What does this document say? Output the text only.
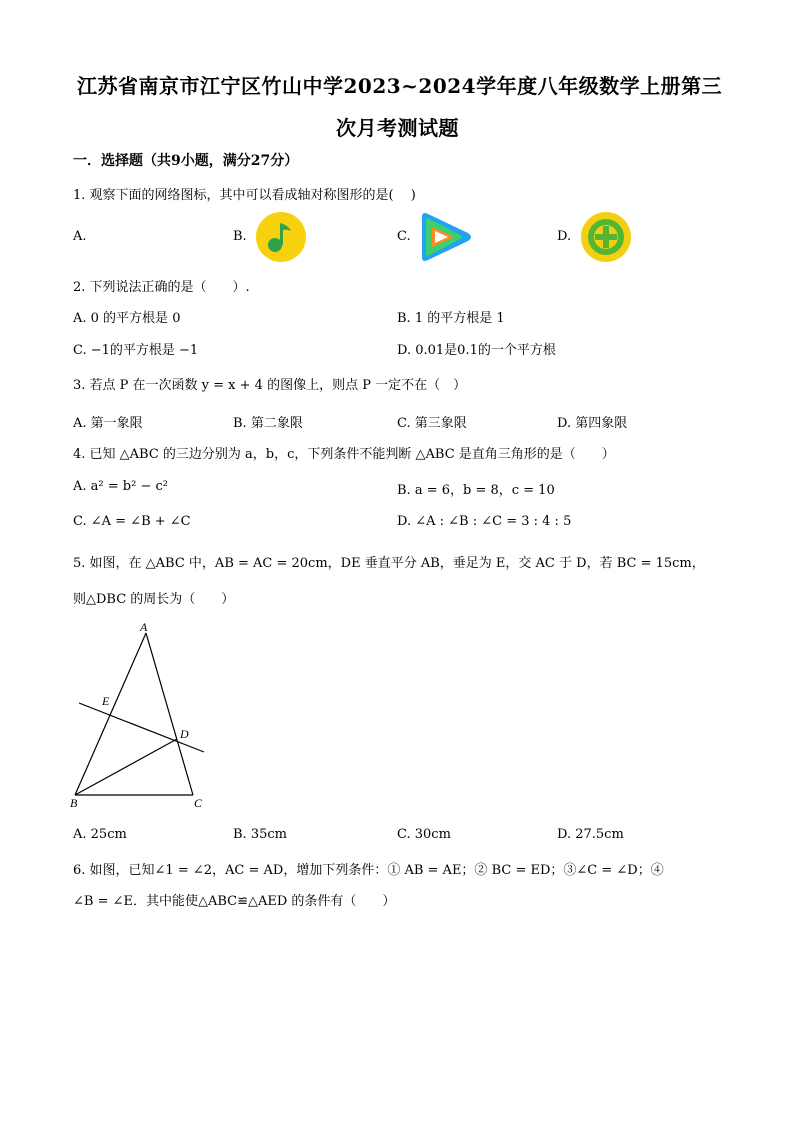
江苏省南京市江宁区竹山中学2023~2024学年度八年级数学上册第三
次月考测试题
一．选择题（共9小题，满分27分）
1. 观察下面的网络图标，其中可以看成轴对称图形的是(  )
A.	B.	C.	D.
2. 下列说法正确的是（  ）.
A. 0 的平方根是 0	B. 1 的平方根是 1
C. −1的平方根是 −1	D. 0.01是0.1的一个平方根
3. 若点 P 在一次函数 y = x + 4 的图像上，则点 P 一定不在（ ）
A. 第一象限	B. 第二象限	C. 第三象限	D. 第四象限
4. 已知 △ABC 的三边分别为 a，b，c，下列条件不能判断 △ABC 是直角三角形的是（  ）
A. a² = b² − c²	B. a = 6，b = 8，c = 10
C. ∠A = ∠B + ∠C	D. ∠A : ∠B : ∠C = 3 : 4 : 5
5. 如图，在 △ABC 中，AB = AC = 20cm，DE 垂直平分 AB，垂足为 E，交 AC 于 D，若 BC = 15cm，
则△DBC 的周长为（  ）
A
B	C
D
E
A. 25cm	B. 35cm	C. 30cm	D. 27.5cm
6. 如图，已知∠1 = ∠2，AC = AD，增加下列条件：① AB = AE；② BC = ED；③∠C = ∠D；④
∠B = ∠E．其中能使△ABC≌△AED 的条件有（  ）
